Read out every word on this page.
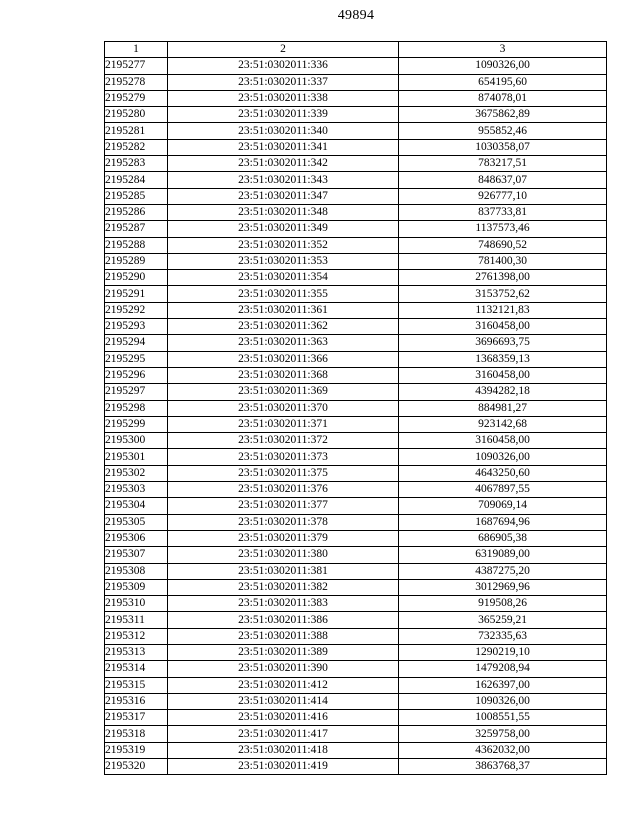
49894
1	2	3
2195277	23:51:0302011:336	1090326,00
2195278	23:51:0302011:337	654195,60
2195279	23:51:0302011:338	874078,01
2195280	23:51:0302011:339	3675862,89
2195281	23:51:0302011:340	955852,46
2195282	23:51:0302011:341	1030358,07
2195283	23:51:0302011:342	783217,51
2195284	23:51:0302011:343	848637,07
2195285	23:51:0302011:347	926777,10
2195286	23:51:0302011:348	837733,81
2195287	23:51:0302011:349	1137573,46
2195288	23:51:0302011:352	748690,52
2195289	23:51:0302011:353	781400,30
2195290	23:51:0302011:354	2761398,00
2195291	23:51:0302011:355	3153752,62
2195292	23:51:0302011:361	1132121,83
2195293	23:51:0302011:362	3160458,00
2195294	23:51:0302011:363	3696693,75
2195295	23:51:0302011:366	1368359,13
2195296	23:51:0302011:368	3160458,00
2195297	23:51:0302011:369	4394282,18
2195298	23:51:0302011:370	884981,27
2195299	23:51:0302011:371	923142,68
2195300	23:51:0302011:372	3160458,00
2195301	23:51:0302011:373	1090326,00
2195302	23:51:0302011:375	4643250,60
2195303	23:51:0302011:376	4067897,55
2195304	23:51:0302011:377	709069,14
2195305	23:51:0302011:378	1687694,96
2195306	23:51:0302011:379	686905,38
2195307	23:51:0302011:380	6319089,00
2195308	23:51:0302011:381	4387275,20
2195309	23:51:0302011:382	3012969,96
2195310	23:51:0302011:383	919508,26
2195311	23:51:0302011:386	365259,21
2195312	23:51:0302011:388	732335,63
2195313	23:51:0302011:389	1290219,10
2195314	23:51:0302011:390	1479208,94
2195315	23:51:0302011:412	1626397,00
2195316	23:51:0302011:414	1090326,00
2195317	23:51:0302011:416	1008551,55
2195318	23:51:0302011:417	3259758,00
2195319	23:51:0302011:418	4362032,00
2195320	23:51:0302011:419	3863768,37
